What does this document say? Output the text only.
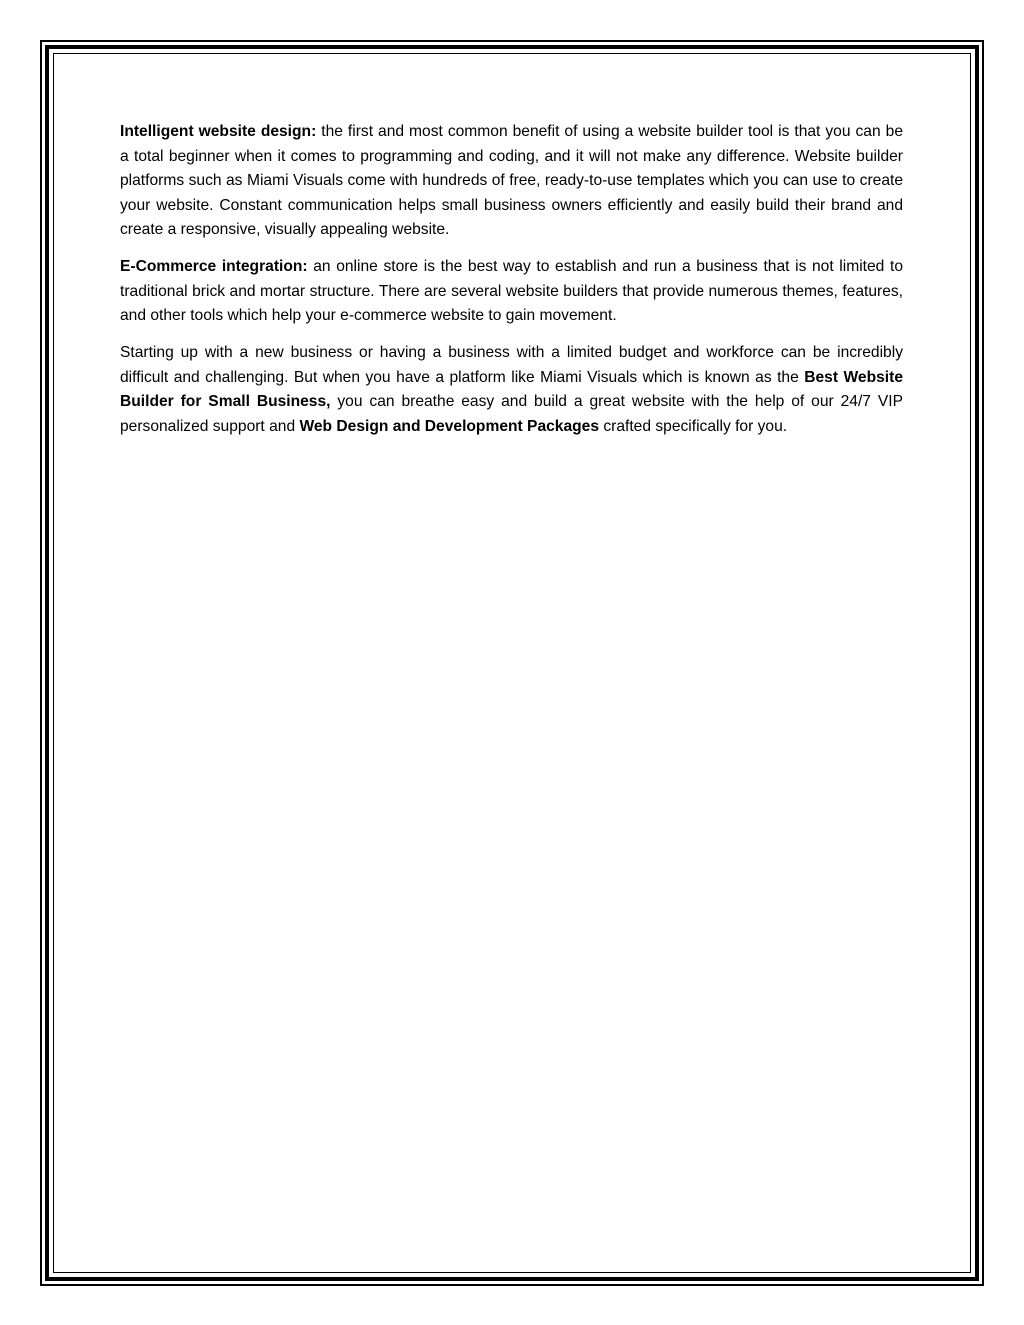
Intelligent website design: the first and most common benefit of using a website builder tool is that you can be a total beginner when it comes to programming and coding, and it will not make any difference. Website builder platforms such as Miami Visuals come with hundreds of free, ready-to-use templates which you can use to create your website. Constant communication helps small business owners efficiently and easily build their brand and create a responsive, visually appealing website.

E-Commerce integration: an online store is the best way to establish and run a business that is not limited to traditional brick and mortar structure. There are several website builders that provide numerous themes, features, and other tools which help your e-commerce website to gain movement.

Starting up with a new business or having a business with a limited budget and workforce can be incredibly difficult and challenging. But when you have a platform like Miami Visuals which is known as the Best Website Builder for Small Business, you can breathe easy and build a great website with the help of our 24/7 VIP personalized support and Web Design and Development Packages crafted specifically for you.
